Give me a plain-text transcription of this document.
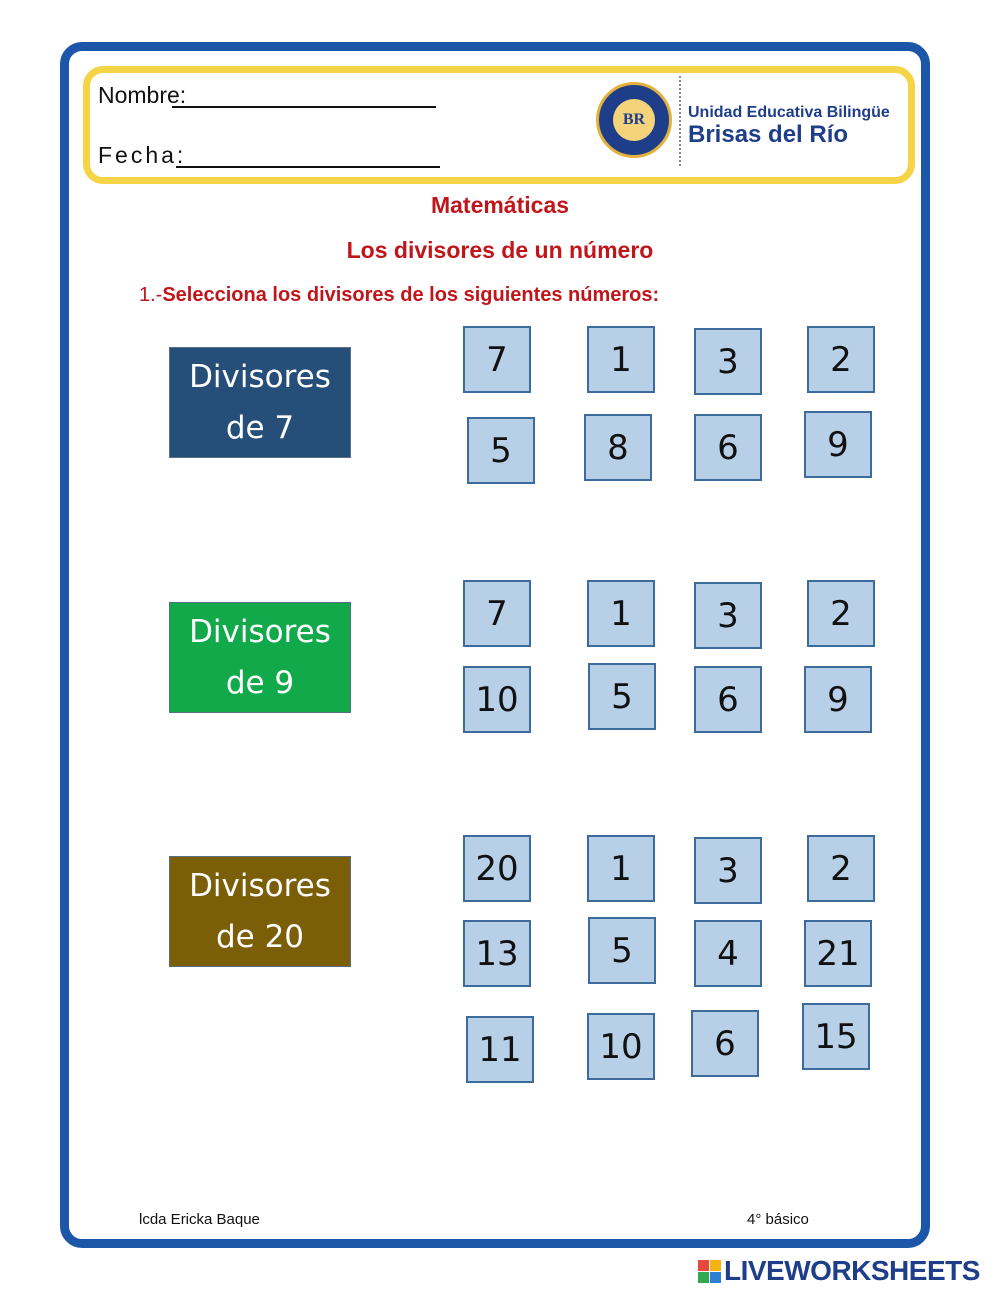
Nombre:
Fecha:
BR	Unidad Educativa Bilingüe
Brisas del Río
Matemáticas
Los divisores de un número
1.-Selecciona los divisores de los siguientes números:
Divisores
de 7
7	1	3	2
5	8	6	9
Divisores
de 9
7	1	3	2
10	5	6	9
Divisores
de 20
20	1	3	2
13	5	4	21
11	10	6	15
lcda Ericka Baque	4° básico
LIVEWORKSHEETS
